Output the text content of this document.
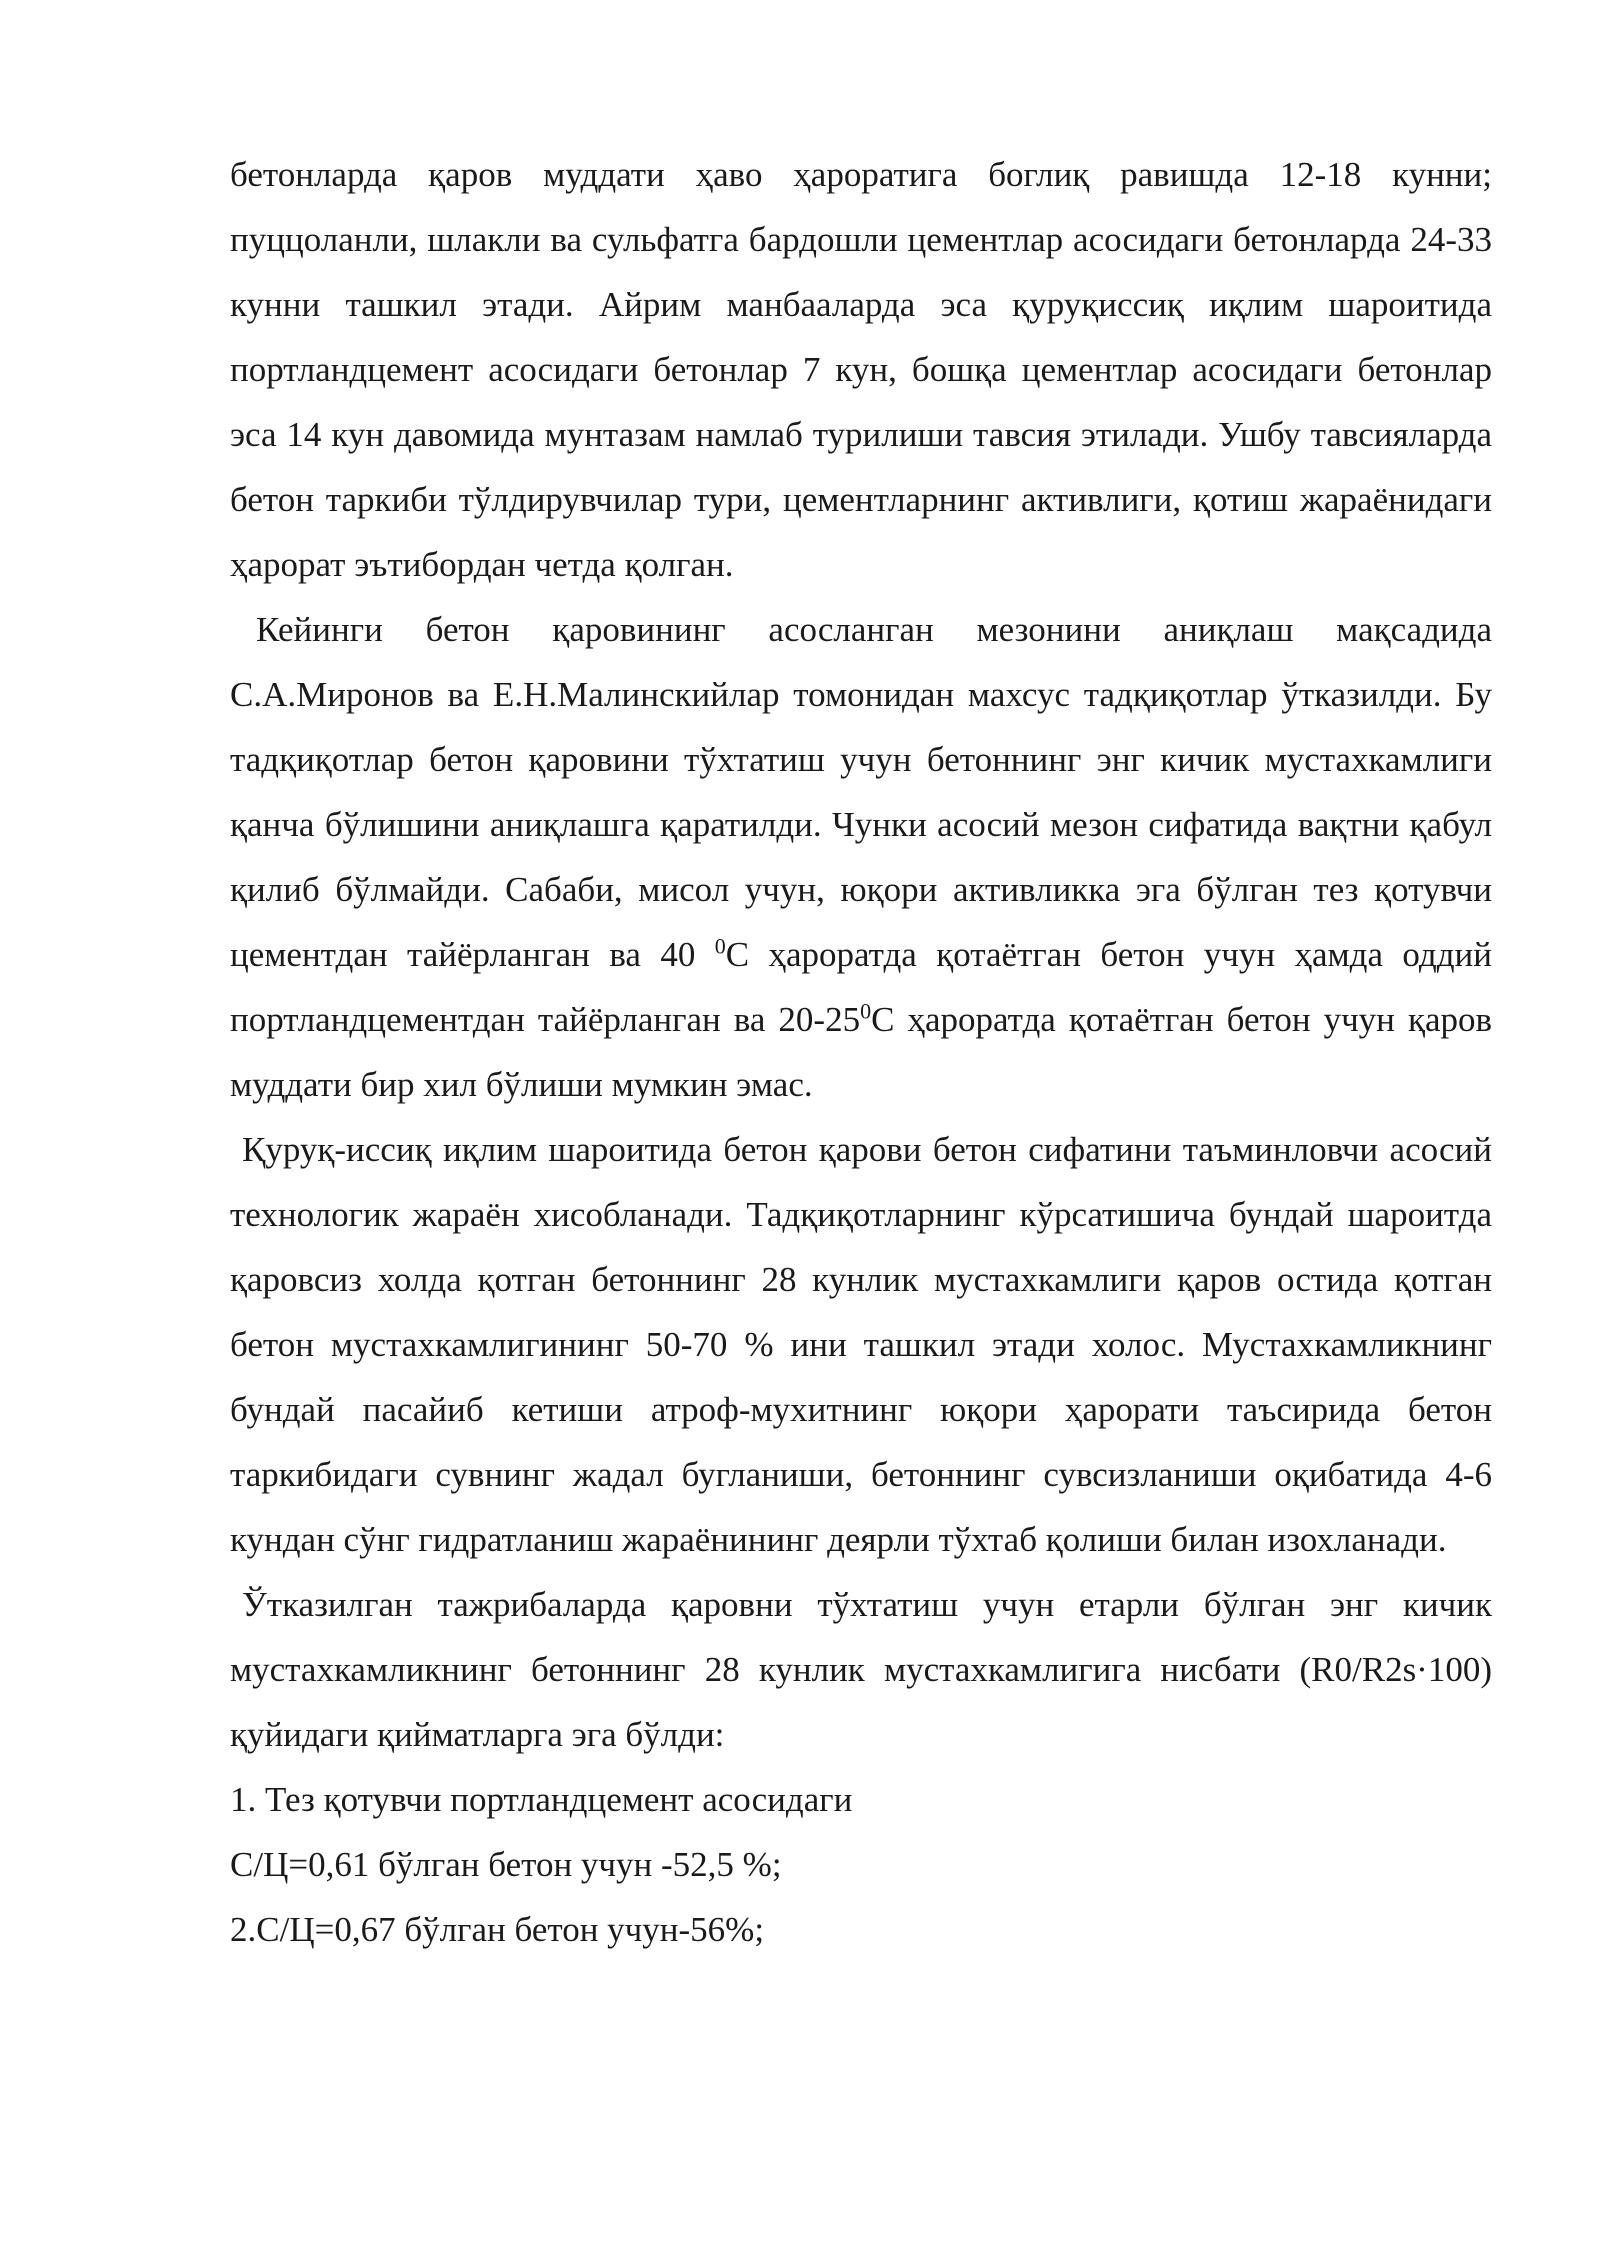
бетонларда қаров муддати ҳаво ҳароратига боглиқ равишда 12-18 кунни; пуццоланли, шлакли ва сульфатга бардошли цементлар асосидаги бетонларда 24-33 кунни ташкил этади. Айрим манбааларда эса қуруқиссиқ иқлим шароитида портландцемент асосидаги бетонлар 7 кун, бошқа цементлар асосидаги бетонлар эса 14 кун давомида мунтазам намлаб турилиши тавсия этилади. Ушбу тавсияларда бетон таркиби тўлдирувчилар тури, цементларнинг активлиги, қотиш жараёнидаги ҳарорат эътибордан четда қолган.

Кейинги бетон қаровининг асосланган мезонини аниқлаш мақсадида С.А.Миронов ва Е.Н.Малинскийлар томонидан махсус тадқиқотлар ўтказилди. Бу тадқиқотлар бетон қаровини тўхтатиш учун бетоннинг энг кичик мустахкамлиги қанча бўлишини аниқлашга қаратилди. Чунки асосий мезон сифатида вақтни қабул қилиб бўлмайди. Сабаби, мисол учун, юқори активликка эга бўлган тез қотувчи цементдан тайёрланган ва 40 $^0$С ҳароратда қотаётган бетон учун ҳамда оддий портландцементдан тайёрланган ва $20-25^0С$ ҳароратда қотаётган бетон учун қаров муддати бир хил бўлиши мумкин эмас.

Қуруқ-иссиқ иқлим шароитида бетон қарови бетон сифатини таъминловчи асосий технологик жараён хисобланади. Тадқиқотларнинг кўрсатишича бундай шароитда қаровсиз холда қотган бетоннинг 28 кунлик мустахкамлиги қаров остида қотган бетон мустахкамлигининг 50-70 % ини ташкил этади холос. Мустахкамликнинг бундай пасайиб кетиши атроф-мухитнинг юқори ҳарорати таъсирида бетон таркибидаги сувнинг жадал бугланиши, бетоннинг сувсизланиши оқибатида 4-6 кундан сўнг гидратланиш жараёнининг деярли тўхтаб қолиши билан изохланади.

Ўтказилган тажрибаларда қаровни тўхтатиш учун етарли бўлган энг кичик мустахкамликнинг бетоннинг 28 кунлик мустахкамлигига нисбати (R0/R2s·100) қуйидаги қийматларга эга бўлди:

1. Тез қотувчи портландцемент асосидаги

С/Ц=0,61 бўлган бетон учун -52,5 %;

2.С/Ц=0,67 бўлган бетон учун-56%;
